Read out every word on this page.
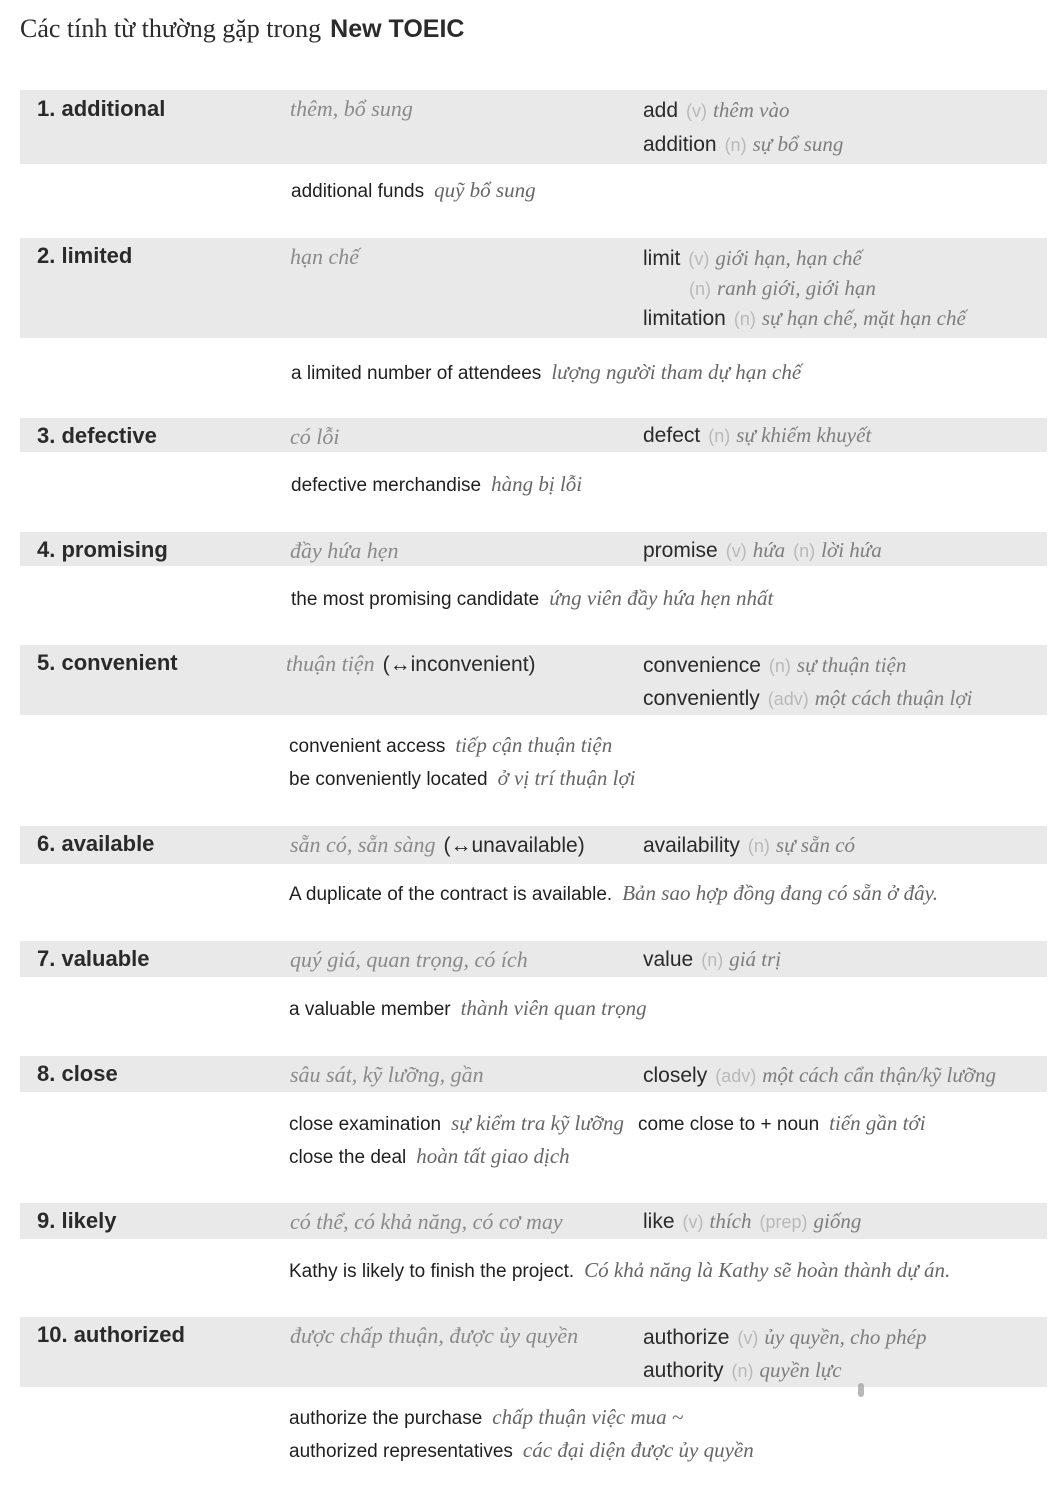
Các tính từ thường gặp trong New TOEIC
1. additional	thêm, bổ sung	add (v) thêm vào
addition (n) sự bổ sung
additional funds quỹ bổ sung
2. limited	hạn chế	limit (v) giới hạn, hạn chế
(n) ranh giới, giới hạn
limitation (n) sự hạn chế, mặt hạn chế
a limited number of attendees lượng người tham dự hạn chế
3. defective	có lỗi	defect (n) sự khiếm khuyết
defective merchandise hàng bị lỗi
4. promising	đầy hứa hẹn	promise (v) hứa (n) lời hứa
the most promising candidate ứng viên đầy hứa hẹn nhất
5. convenient	thuận tiện (↔inconvenient)	convenience (n) sự thuận tiện
conveniently (adv) một cách thuận lợi
convenient access tiếp cận thuận tiện
be conveniently located ở vị trí thuận lợi
6. available	sẵn có, sẵn sàng (↔unavailable)	availability (n) sự sẵn có
A duplicate of the contract is available. Bản sao hợp đồng đang có sẵn ở đây.
7. valuable	quý giá, quan trọng, có ích	value (n) giá trị
a valuable member thành viên quan trọng
8. close	sâu sát, kỹ lưỡng, gần	closely (adv) một cách cẩn thận/kỹ lưỡng
close examination sự kiểm tra kỹ lưỡng come close to + noun tiến gần tới
close the deal hoàn tất giao dịch
9. likely	có thể, có khả năng, có cơ may	like (v) thích (prep) giống
Kathy is likely to finish the project. Có khả năng là Kathy sẽ hoàn thành dự án.
10. authorized	được chấp thuận, được ủy quyền	authorize (v) ủy quyền, cho phép
authority (n) quyền lực
authorize the purchase chấp thuận việc mua ~
authorized representatives các đại diện được ủy quyền
